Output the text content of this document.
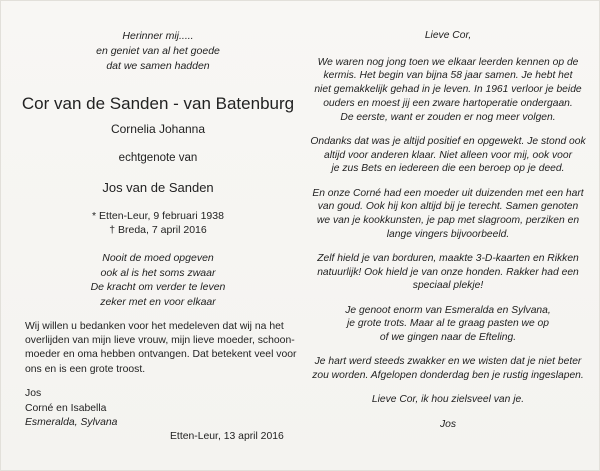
Herinner mij.....
en geniet van al het goede
dat we samen hadden
Cor van de Sanden - van Batenburg
Cornelia Johanna
echtgenote van
Jos van de Sanden
* Etten-Leur, 9 februari 1938
† Breda, 7 april 2016
Nooit de moed opgeven
ook al is het soms zwaar
De kracht om verder te leven
zeker met en voor elkaar
Wij willen u bedanken voor het medeleven dat wij na het
overlijden van mijn lieve vrouw, mijn lieve moeder, schoon-
moeder en oma hebben ontvangen. Dat betekent veel voor
ons en is een grote troost.
Jos
Corné en Isabella
Esmeralda, Sylvana
Etten-Leur, 13 april 2016
Lieve Cor,
We waren nog jong toen we elkaar leerden kennen op de
kermis. Het begin van bijna 58 jaar samen. Je hebt het
niet gemakkelijk gehad in je leven. In 1961 verloor je beide
ouders en moest jij een zware hartoperatie ondergaan.
De eerste, want er zouden er nog meer volgen.
Ondanks dat was je altijd positief en opgewekt. Je stond ook
altijd voor anderen klaar. Niet alleen voor mij, ook voor
je zus Bets en iedereen die een beroep op je deed.
En onze Corné had een moeder uit duizenden met een hart
van goud. Ook hij kon altijd bij je terecht. Samen genoten
we van je kookkunsten, je pap met slagroom, perziken en
lange vingers bijvoorbeeld.
Zelf hield je van borduren, maakte 3-D-kaarten en Rikken
natuurlijk! Ook hield je van onze honden. Rakker had een
speciaal plekje!
Je genoot enorm van Esmeralda en Sylvana,
je grote trots. Maar al te graag pasten we op
of we gingen naar de Efteling.
Je hart werd steeds zwakker en we wisten dat je niet beter
zou worden. Afgelopen donderdag ben je rustig ingeslapen.
Lieve Cor, ik hou zielsveel van je.
Jos
